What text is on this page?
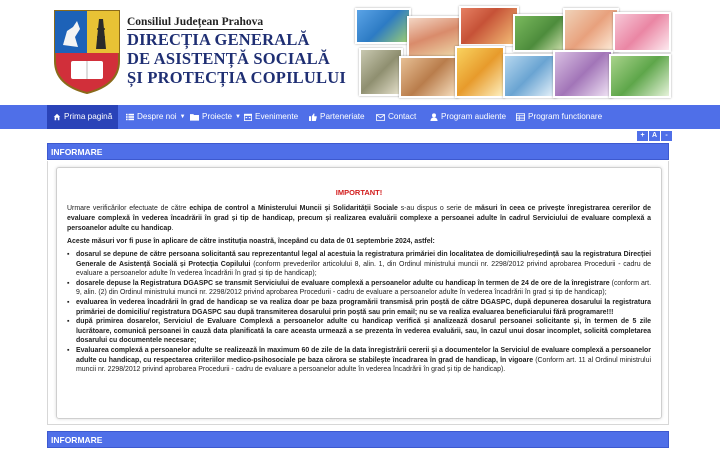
Consiliul Județean Prahova
DIRECȚIA GENERALĂ
DE ASISTENȚĂ SOCIALĂ
ȘI PROTECȚIA COPILULUI
Prima pagină	Despre noi ▼ Proiecte ▼ Evenimente	Parteneriate	Contact	Program audiente	Program functionare
+	A	-
INFORMARE
IMPORTANT!

Urmare verificărilor efectuate de către echipa de control a Ministerului Muncii și Solidarității Sociale s-au dispus o serie de măsuri în ceea ce privește înregistrarea cererilor de evaluare complexă în vederea încadrării în grad și tip de handicap, precum și realizarea evaluării complexe a persoanei adulte în cadrul Serviciului de evaluare complexă a persoanelor adulte cu handicap.

Aceste măsuri vor fi puse în aplicare de către instituția noastră, începând cu data de 01 septembrie 2024, astfel:

▪ dosarul se depune de către persoana solicitantă sau reprezentantul legal al acestuia la registratura primăriei din localitatea de domiciliu/reședință sau la registratura Direcției Generale de Asistență Socială și Protecția Copilului (conform prevederilor articolului 8, alin. 1, din Ordinul ministrului muncii nr. 2298/2012 privind aprobarea Procedurii - cadru de evaluare a persoanelor adulte în vederea încadrării în grad și tip de handicap);
▪ dosarele depuse la Registratura DGASPC se transmit Serviciului de evaluare complexă a persoanelor adulte cu handicap în termen de 24 de ore de la înregistrare (conform art. 9, alin. (2) din Ordinul ministrului muncii nr. 2298/2012 privind aprobarea Procedurii - cadru de evaluare a persoanelor adulte în vederea încadrării în grad și tip de handicap);
▪ evaluarea în vederea încadrării în grad de handicap se va realiza doar pe baza programării transmisă prin poștă de către DGASPC, după depunerea dosarului la registratura primăriei de domiciliu/ registratura DGASPC sau după transmiterea dosarului prin poștă sau prin email; nu se va realiza evaluarea beneficiarului fără programare!!!
▪ după primirea dosarelor, Serviciul de Evaluare Complexă a persoanelor adulte cu handicap verifică și analizează dosarul persoanei solicitante și, în termen de 5 zile lucrătoare, comunică persoanei în cauză data planificată la care aceasta urmează a se prezenta în vederea evaluării, sau, în cazul unui dosar incomplet, solicită completarea dosarului cu documentele necesare;
▪ Evaluarea complexă a persoanelor adulte se realizează în maximum 60 de zile de la data înregistrării cererii și a documentelor la Serviciul de evaluare complexă a persoanelor adulte cu handicap, cu respectarea criteriilor medico-psihosociale pe baza cărora se stabilește încadrarea în grad de handicap, în vigoare (Conform art. 11 al Ordinul ministrului muncii nr. 2298/2012 privind aprobarea Procedurii - cadru de evaluare a persoanelor adulte în vederea încadrării în grad și tip de handicap).
INFORMARE
